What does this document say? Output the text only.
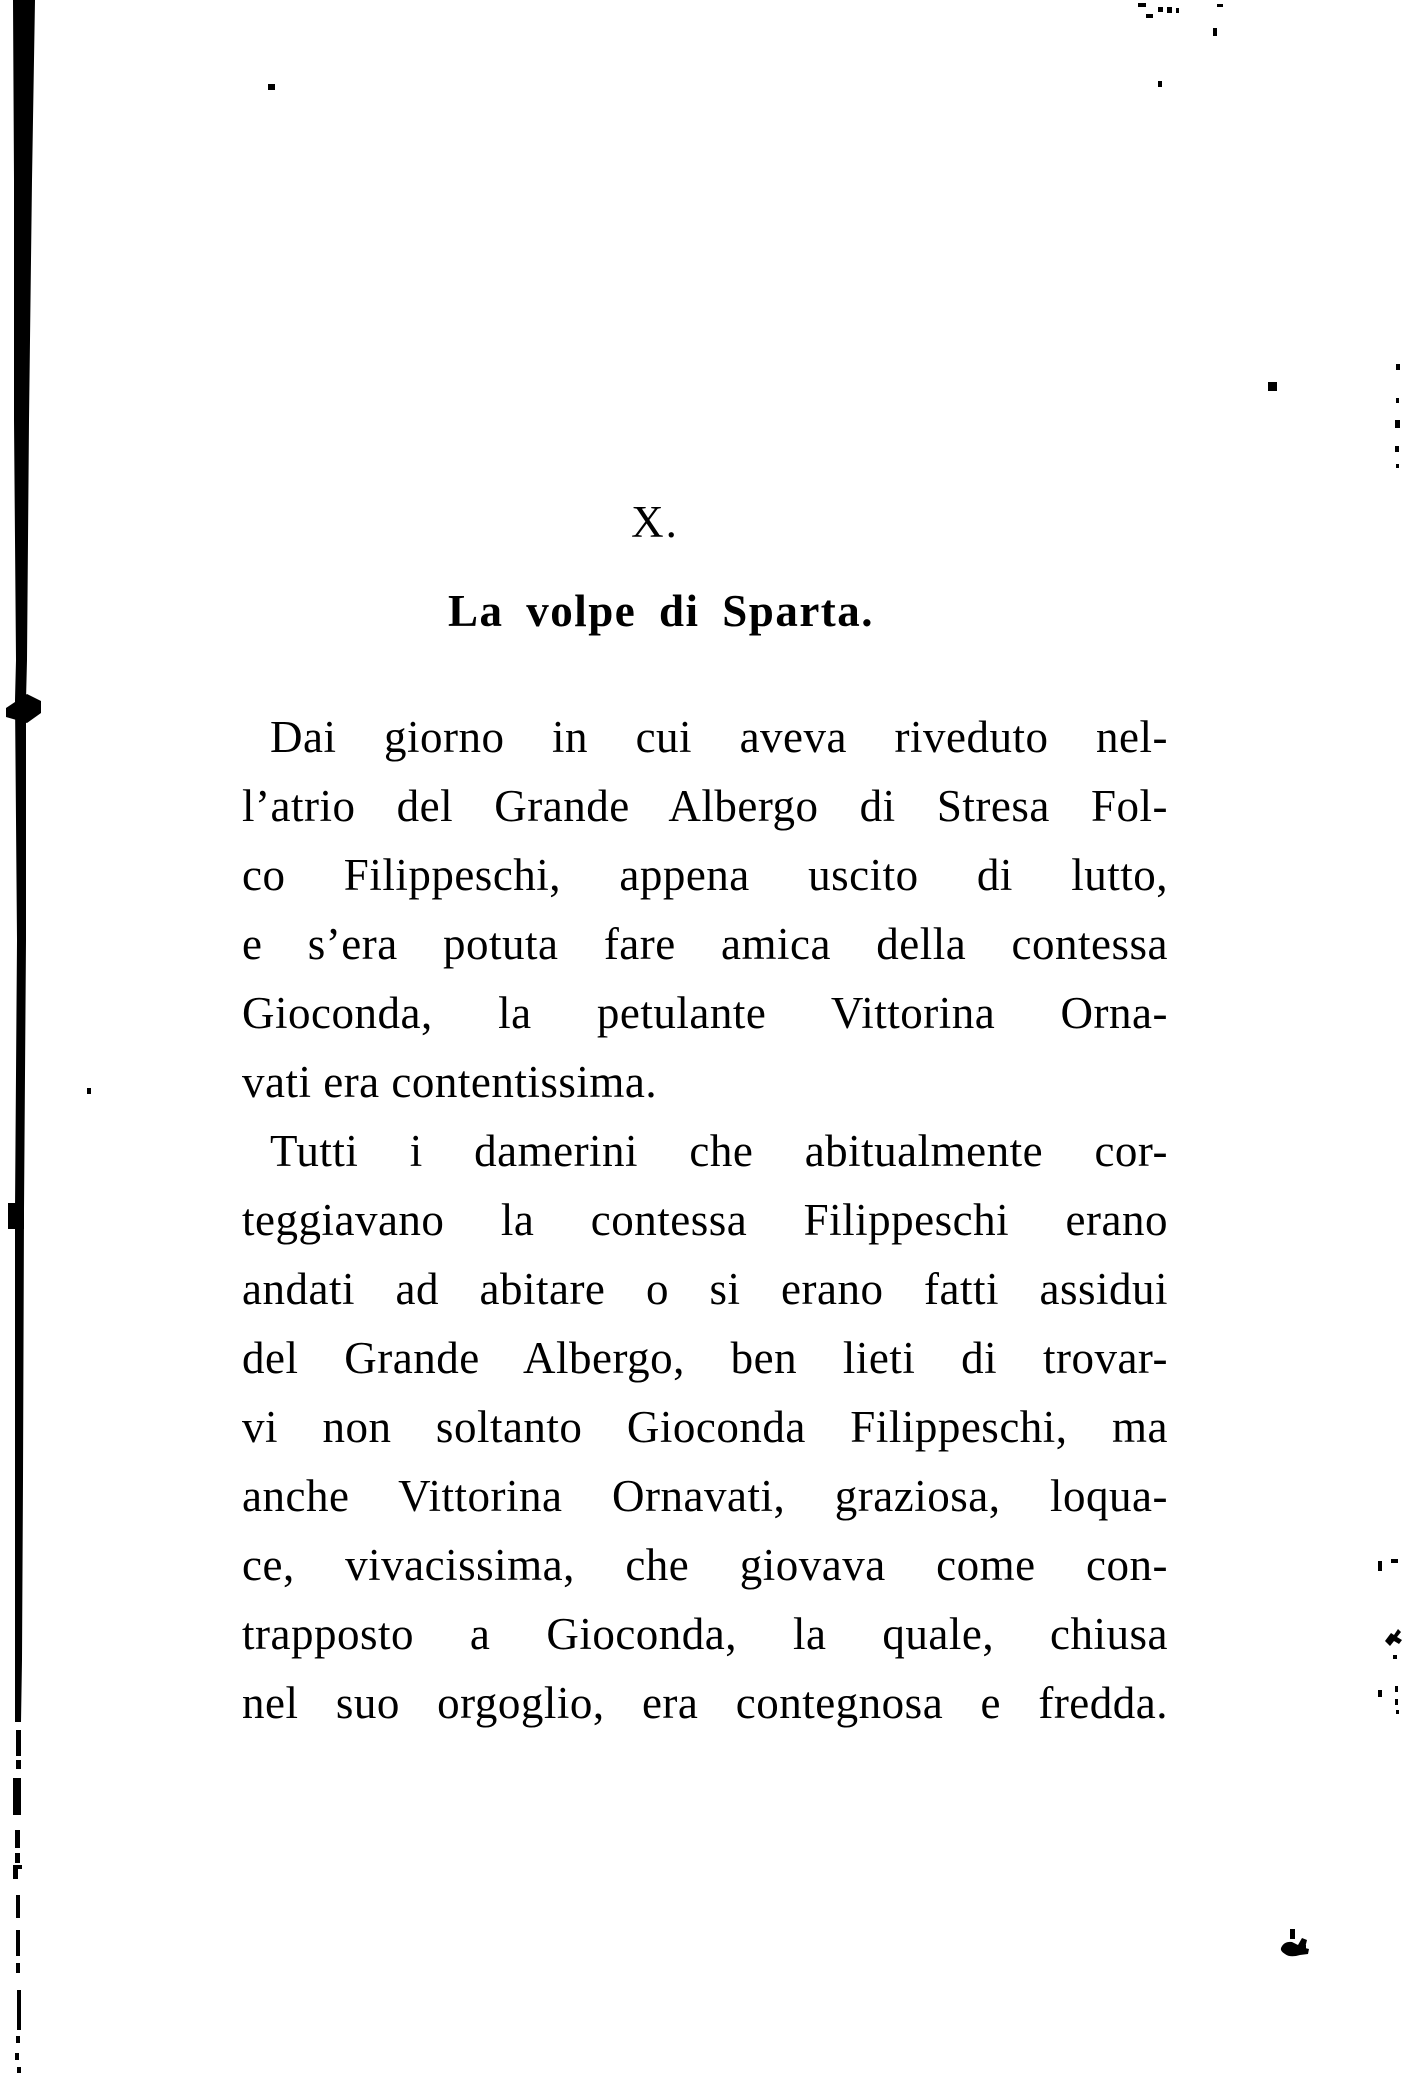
X.
La volpe di Sparta.
Dai giorno in cui aveva riveduto nel-
l’atrio del Grande Albergo di Stresa Fol-
co Filippeschi, appena uscito di lutto,
e s’era potuta fare amica della contessa
Gioconda, la petulante Vittorina Orna-
vati era contentissima.
Tutti i damerini che abitualmente cor-
teggiavano la contessa Filippeschi erano
andati ad abitare o si erano fatti assidui
del Grande Albergo, ben lieti di trovar-
vi non soltanto Gioconda Filippeschi, ma
anche Vittorina Ornavati, graziosa, loqua-
ce, vivacissima, che giovava come con-
trapposto a Gioconda, la quale, chiusa
nel suo orgoglio, era contegnosa e fredda.
